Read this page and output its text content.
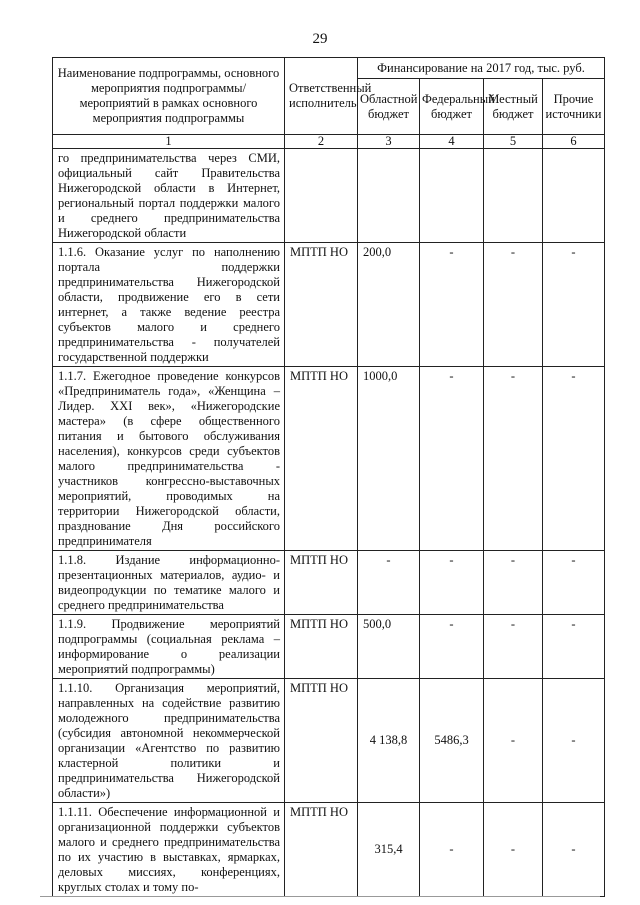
29
Наименование подпрограммы, основного мероприятия подпрограммы/мероприятий в рамках основного мероприятия подпрограммы	Ответственный исполнитель	Финансирование на 2017 год, тыс. руб.			
		Областной бюджет	Федеральный бюджет	Местный бюджет	Прочие источники
1	2	3	4	5	6
го предпринимательства через СМИ, официальный сайт Правительства Нижегородской области в Интернет, региональный портал поддержки малого и среднего предпринимательства Нижегородской области					
1.1.6. Оказание услуг по наполнению портала поддержки предпринимательства Нижегородской области, продвижение его в сети интернет, а также ведение реестра субъектов малого и среднего предпринимательства - получателей государственной поддержки	МПТП НО	200,0	-	-	-
1.1.7. Ежегодное проведение конкурсов «Предприниматель года», «Женщина – Лидер. XXI век», «Нижегородские мастера» (в сфере общественного питания и бытового обслуживания населения), конкурсов среди субъектов малого предпринимательства - участников конгрессно-выставочных мероприятий, проводимых на территории Нижегородской области, празднование Дня российского предпринимателя	МПТП НО	1000,0	-	-	-
1.1.8. Издание информационно-презентационных материалов, аудио- и видеопродукции по тематике малого и среднего предпринимательства	МПТП НО	-	-	-	-
1.1.9. Продвижение мероприятий подпрограммы (социальная реклама – информирование о реализации мероприятий подпрограммы)	МПТП НО	500,0	-	-	-
1.1.10. Организация мероприятий, направленных на содействие развитию молодежного предпринимательства (субсидия автономной некоммерческой организации «Агентство по развитию кластерной политики и предпринимательства Нижегородской области»)	МПТП НО	4 138,8	5486,3	-	-
1.1.11. Обеспечение информационной и организационной поддержки субъектов малого и среднего предпринимательства по их участию в выставках, ярмарках, деловых миссиях, конференциях, круглых столах и тому по-	МПТП НО	315,4	-	-	-
